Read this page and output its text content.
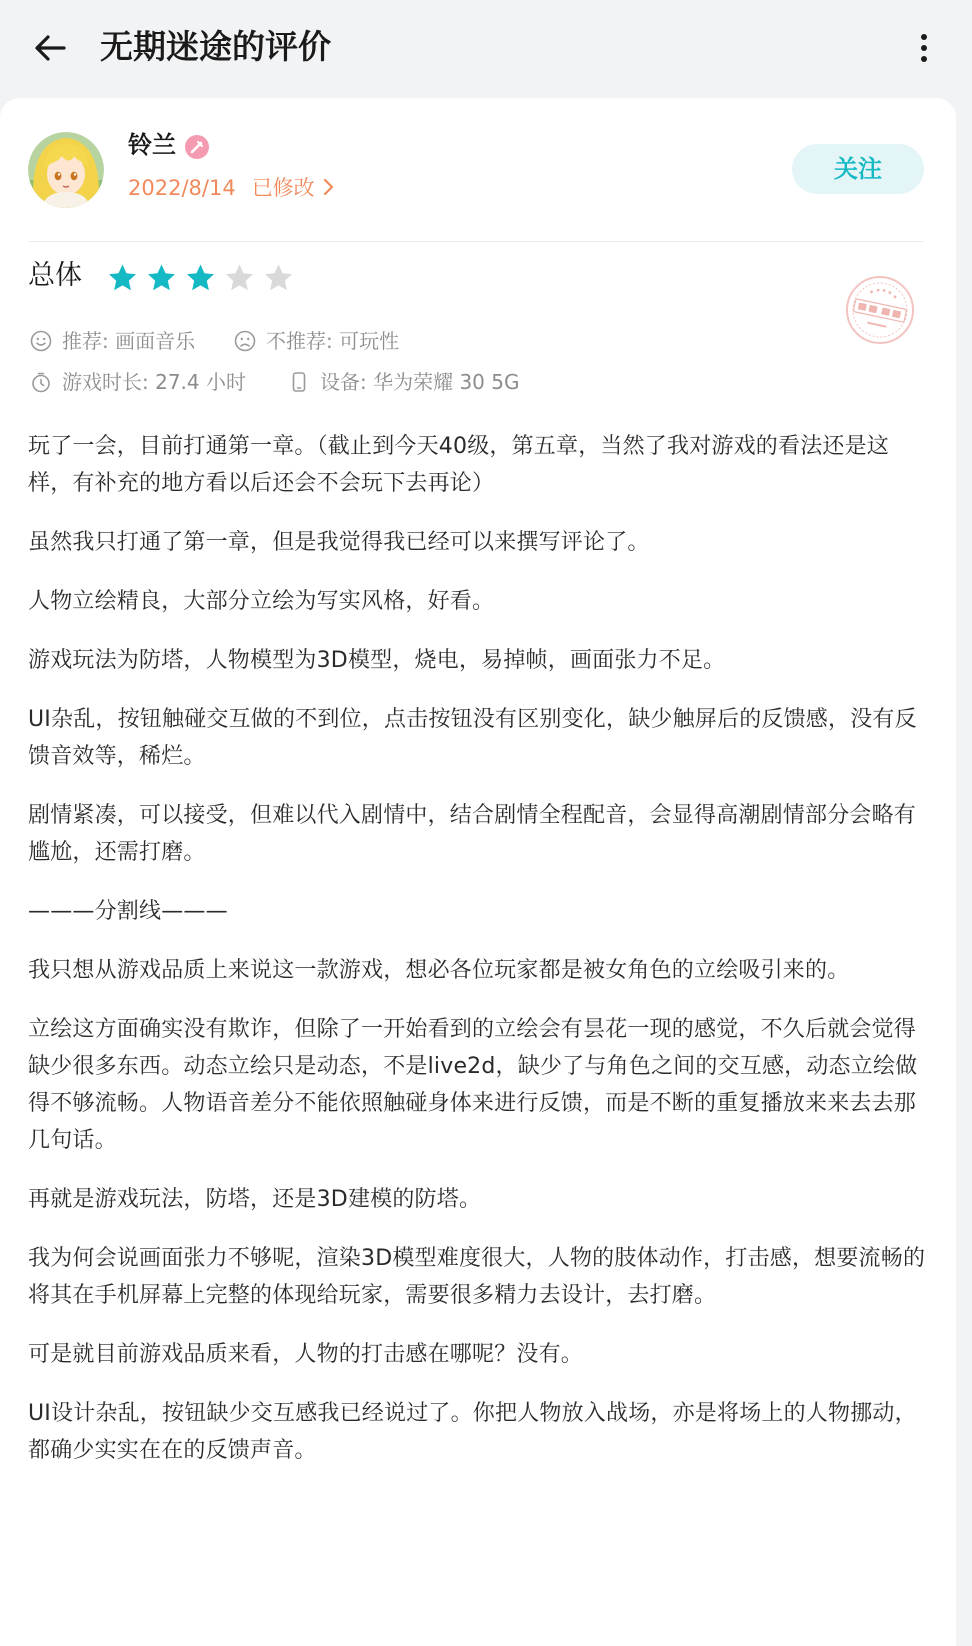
无期迷途的评价
铃兰
2022/8/14 已修改
关注
总体
推荐: 画面音乐	不推荐: 可玩性
游戏时长: 27.4 小时	设备: 华为荣耀 30 5G

玩了一会，目前打通第一章。（截止到今天40级，第五章，当然了我对游戏的看法还是这样，有补充的地方看以后还会不会玩下去再论）

虽然我只打通了第一章，但是我觉得我已经可以来撰写评论了。

人物立绘精良，大部分立绘为写实风格，好看。

游戏玩法为防塔，人物模型为3D模型，烧电，易掉帧，画面张力不足。

UI杂乱，按钮触碰交互做的不到位，点击按钮没有区别变化，缺少触屏后的反馈感，没有反馈音效等，稀烂。

剧情紧凑，可以接受，但难以代入剧情中，结合剧情全程配音，会显得高潮剧情部分会略有尴尬，还需打磨。

———分割线———

我只想从游戏品质上来说这一款游戏，想必各位玩家都是被女角色的立绘吸引来的。

立绘这方面确实没有欺诈，但除了一开始看到的立绘会有昙花一现的感觉，不久后就会觉得缺少很多东西。动态立绘只是动态，不是live2d，缺少了与角色之间的交互感，动态立绘做得不够流畅。人物语音差分不能依照触碰身体来进行反馈，而是不断的重复播放来来去去那几句话。

再就是游戏玩法，防塔，还是3D建模的防塔。

我为何会说画面张力不够呢，渲染3D模型难度很大，人物的肢体动作，打击感，想要流畅的将其在手机屏幕上完整的体现给玩家，需要很多精力去设计，去打磨。

可是就目前游戏品质来看，人物的打击感在哪呢？没有。

UI设计杂乱，按钮缺少交互感我已经说过了。你把人物放入战场，亦是将场上的人物挪动，都确少实实在在的反馈声音。
